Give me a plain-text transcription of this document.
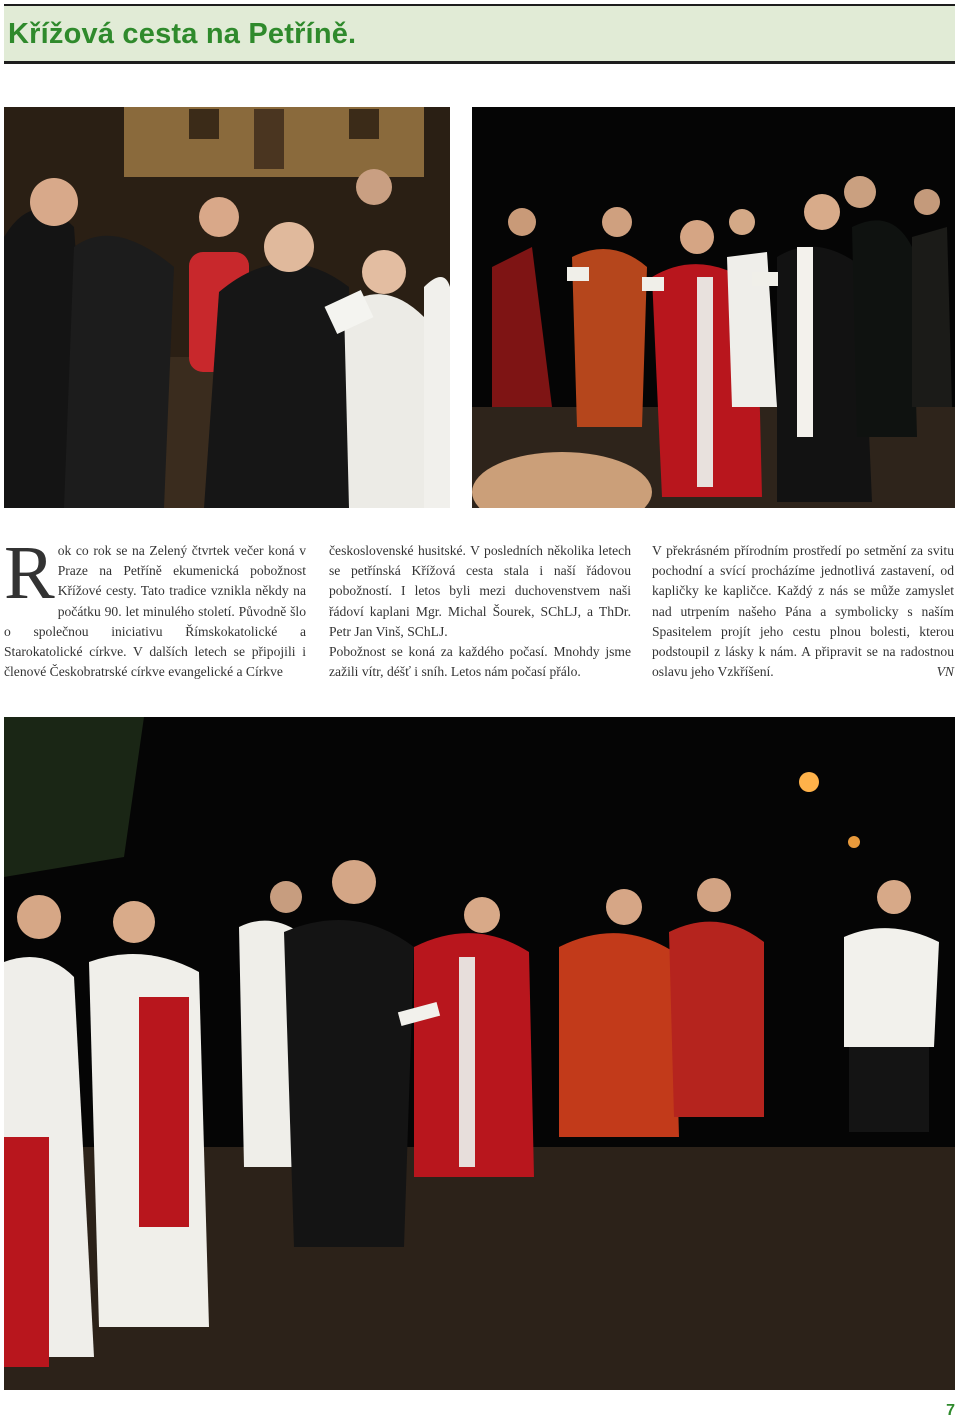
Křížová cesta na Petříně.

Rok co rok se na Zelený čtvrtek večer koná v Praze na Petříně ekumenická pobožnost Křížové cesty. Tato tradice vznikla někdy na počátku 90. let minulého století. Původně šlo o společnou iniciativu Římskokatolické a Starokatolické církve. V dalších letech se připojili i členové Českobratrské církve evangelické a Církve

československé husitské. V posledních několika letech se petřínská Křížová cesta stala i naší řádovou pobožností. I letos byli mezi duchovenstvem naši řádoví kaplani Mgr. Michal Šourek, SChLJ, a ThDr. Petr Jan Vinš, SChLJ.

Pobožnost se koná za každého počasí. Mnohdy jsme zažili vítr, déšť i sníh. Letos nám počasí přálo.

V překrásném přírodním prostředí po setmění za svitu pochodní a svící procházíme jednotlivá zastavení, od kapličky ke kapličce. Každý z nás se může zamyslet nad utrpením našeho Pána a symbolicky s naším Spasitelem projít jeho cestu plnou bolesti, kterou podstoupil z lásky k nám. A připravit se na radostnou oslavu jeho Vzkříšení.	VN

7
